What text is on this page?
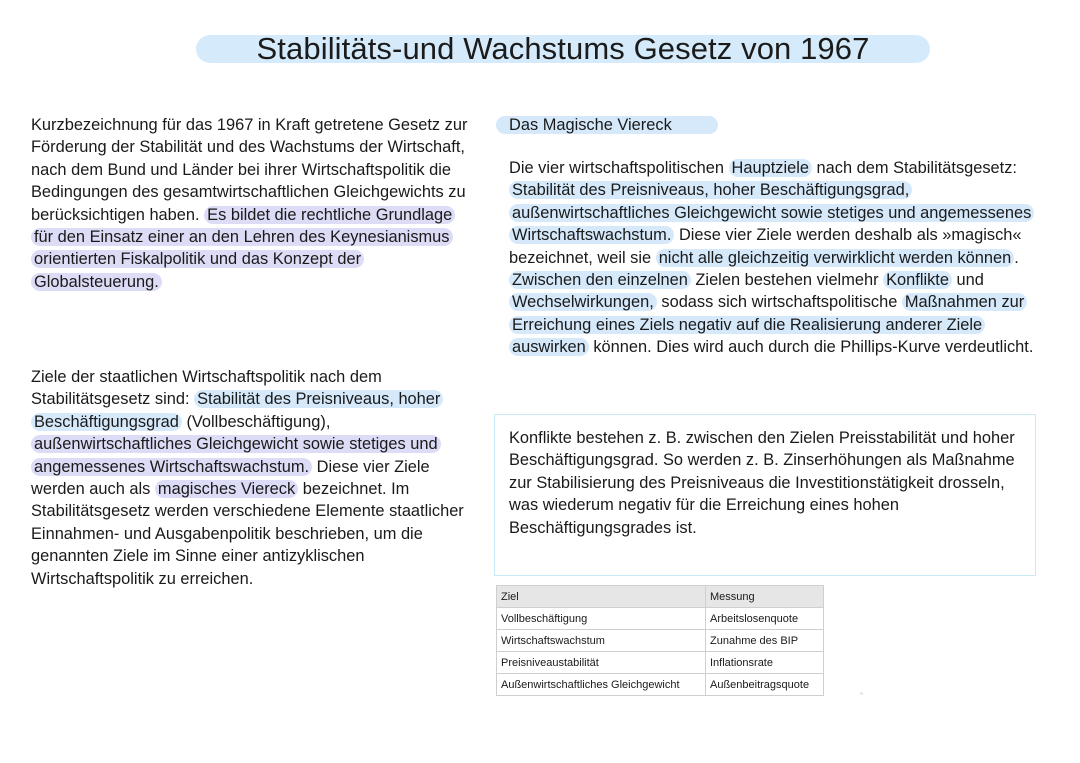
Stabilitäts-und Wachstums Gesetz von 1967

Kurzbezeichnung für das 1967 in Kraft getretene Gesetz zur Förderung der Stabilität und des Wachstums der Wirtschaft, nach dem Bund und Länder bei ihrer Wirtschaftspolitik die Bedingungen des gesamtwirtschaftlichen Gleichgewichts zu berücksichtigen haben. Es bildet die rechtliche Grundlage für den Einsatz einer an den Lehren des Keynesianismus orientierten Fiskalpolitik und das Konzept der Globalsteuerung.

Ziele der staatlichen Wirtschaftspolitik nach dem Stabilitätsgesetz sind: Stabilität des Preisniveaus, hoher Beschäftigungsgrad (Vollbeschäftigung), außenwirtschaftliches Gleichgewicht sowie stetiges und angemessenes Wirtschaftswachstum. Diese vier Ziele werden auch als magisches Viereck bezeichnet. Im Stabilitätsgesetz werden verschiedene Elemente staatlicher Einnahmen- und Ausgabenpolitik beschrieben, um die genannten Ziele im Sinne einer antizyklischen Wirtschaftspolitik zu erreichen.

Das Magische Viereck

Die vier wirtschaftspolitischen Hauptziele nach dem Stabilitätsgesetz: Stabilität des Preisniveaus, hoher Beschäftigungsgrad, außenwirtschaftliches Gleichgewicht sowie stetiges und angemessenes Wirtschaftswachstum. Diese vier Ziele werden deshalb als »magisch« bezeichnet, weil sie nicht alle gleichzeitig verwirklicht werden können . Zwischen den einzelnen Zielen bestehen vielmehr Konflikte und Wechselwirkungen, sodass sich wirtschaftspolitische Maßnahmen zur Erreichung eines Ziels negativ auf die Realisierung anderer Ziele auswirken können. Dies wird auch durch die Phillips-Kurve verdeutlicht.

Konflikte bestehen z. B. zwischen den Zielen Preisstabilität und hoher Beschäftigungsgrad. So werden z. B. Zinserhöhungen als Maßnahme zur Stabilisierung des Preisniveaus die Investitionstätigkeit drosseln, was wiederum negativ für die Erreichung eines hohen Beschäftigungsgrades ist.

Ziel	Messung
Vollbeschäftigung	Arbeitslosenquote
Wirtschaftswachstum	Zunahme des BIP
Preisniveaustabilität	Inflationsrate
Außenwirtschaftliches Gleichgewicht	Außenbeitragsquote
